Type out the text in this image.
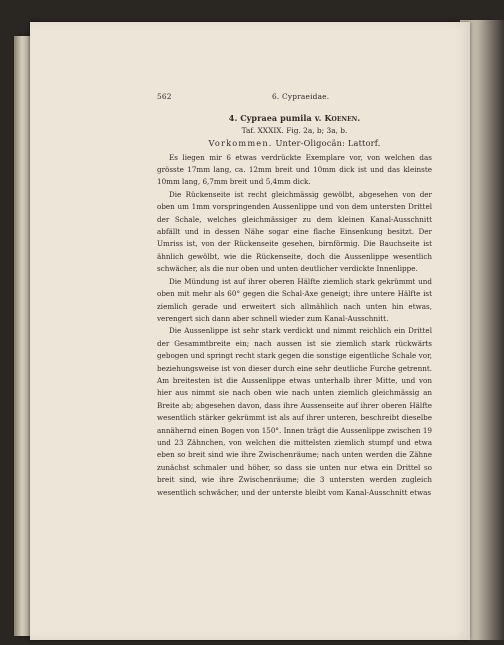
562	6. Cypraeidae.
4. Cypraea pumila v. Koenen.
Taf. XXXIX. Fig. 2a, b; 3a, b.
Vorkommen. Unter-Oligocän: Lattorf.

Es liegen mir 6 etwas verdrückte Exemplare vor, von welchen das grösste 17mm lang, ca. 12mm breit und 10mm dick ist und das kleinste 10mm lang, 6,7mm breit und 5,4mm dick.

Die Rückenseite ist recht gleichmässig gewölbt, abgesehen von der oben um 1mm vorspringenden Aussenlippe und von dem untersten Drittel der Schale, welches gleichmässiger zu dem kleinen Kanal-Ausschnitt abfällt und in dessen Nähe sogar eine flache Einsenkung besitzt. Der Umriss ist, von der Rückenseite gesehen, birnförmig. Die Bauchseite ist ähnlich gewölbt, wie die Rückenseite, doch die Aussenlippe wesentlich schwächer, als die nur oben und unten deutlicher verdickte Innenlippe.

Die Mündung ist auf ihrer oberen Hälfte ziemlich stark gekrümmt und oben mit mehr als 60° gegen die Schal-Axe geneigt; ihre untere Hälfte ist ziemlich gerade und erweitert sich allmählich nach unten hin etwas, verengert sich dann aber schnell wieder zum Kanal-Ausschnitt.

Die Aussenlippe ist sehr stark verdickt und nimmt reichlich ein Drittel der Gesammtbreite ein; nach aussen ist sie ziemlich stark rückwärts gebogen und springt recht stark gegen die sonstige eigentliche Schale vor, beziehungsweise ist von dieser durch eine sehr deutliche Furche getrennt. Am breitesten ist die Aussenlippe etwas unterhalb ihrer Mitte, und von hier aus nimmt sie nach oben wie nach unten ziemlich gleichmässig an Breite ab; abgesehen davon, dass ihre Aussenseite auf ihrer oberen Hälfte wesentlich stärker gekrümmt ist als auf ihrer unteren, beschreibt dieselbe annähernd einen Bogen von 150°. Innen trägt die Aussenlippe zwischen 19 und 23 Zähnchen, von welchen die mittelsten ziemlich stumpf und etwa eben so breit sind wie ihre Zwischenräume; nach unten werden die Zähne zunächst schmaler und höher, so dass sie unten nur etwa ein Drittel so breit sind, wie ihre Zwischenräume; die 3 untersten werden zugleich wesentlich schwächer, und der unterste bleibt vom Kanal-Ausschnitt etwas
